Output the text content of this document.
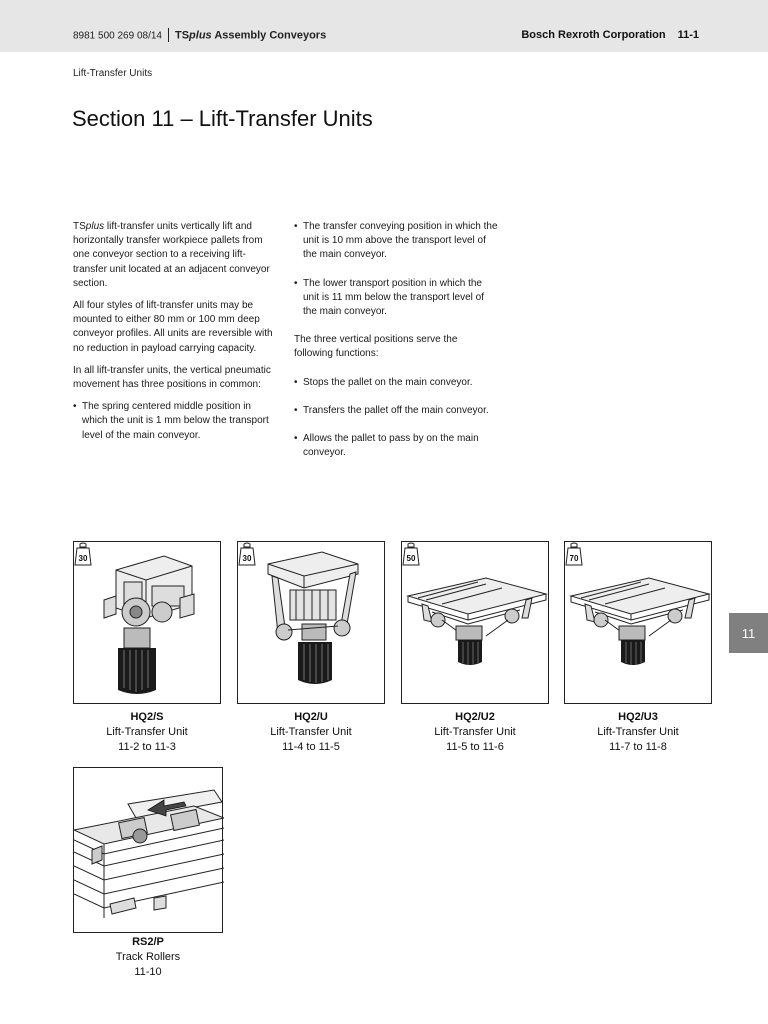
8981 500 269 08/14 TSplus Assembly Conveyors	Bosch Rexroth Corporation 11-1
Lift-Transfer Units
Section 11 – Lift-Transfer Units

TSplus lift-transfer units vertically lift and horizontally transfer workpiece pallets from one conveyor section to a receiving lift-transfer unit located at an adjacent conveyor section.

All four styles of lift-transfer units may be mounted to either 80 mm or 100 mm deep conveyor profiles. All units are reversible with no reduction in payload carrying capacity.

In all lift-transfer units, the vertical pneumatic movement has three positions in common:

• The spring centered middle position in which the unit is 1 mm below the transport level of the main conveyor.
• The transfer conveying position in which the unit is 10 mm above the transport level of the main conveyor.
• The lower transport position in which the unit is 11 mm below the transport level of the main conveyor.

The three vertical positions serve the following functions:

• Stops the pallet on the main conveyor.
• Transfers the pallet off the main conveyor.
• Allows the pallet to pass by on the main conveyor.
30
HQ2/S
Lift-Transfer Unit
11-2 to 11-3
30
HQ2/U
Lift-Transfer Unit
11-4 to 11-5
50
HQ2/U2
Lift-Transfer Unit
11-5 to 11-6
70
HQ2/U3
Lift-Transfer Unit
11-7 to 11-8
RS2/P
Track Rollers
11-10
11
